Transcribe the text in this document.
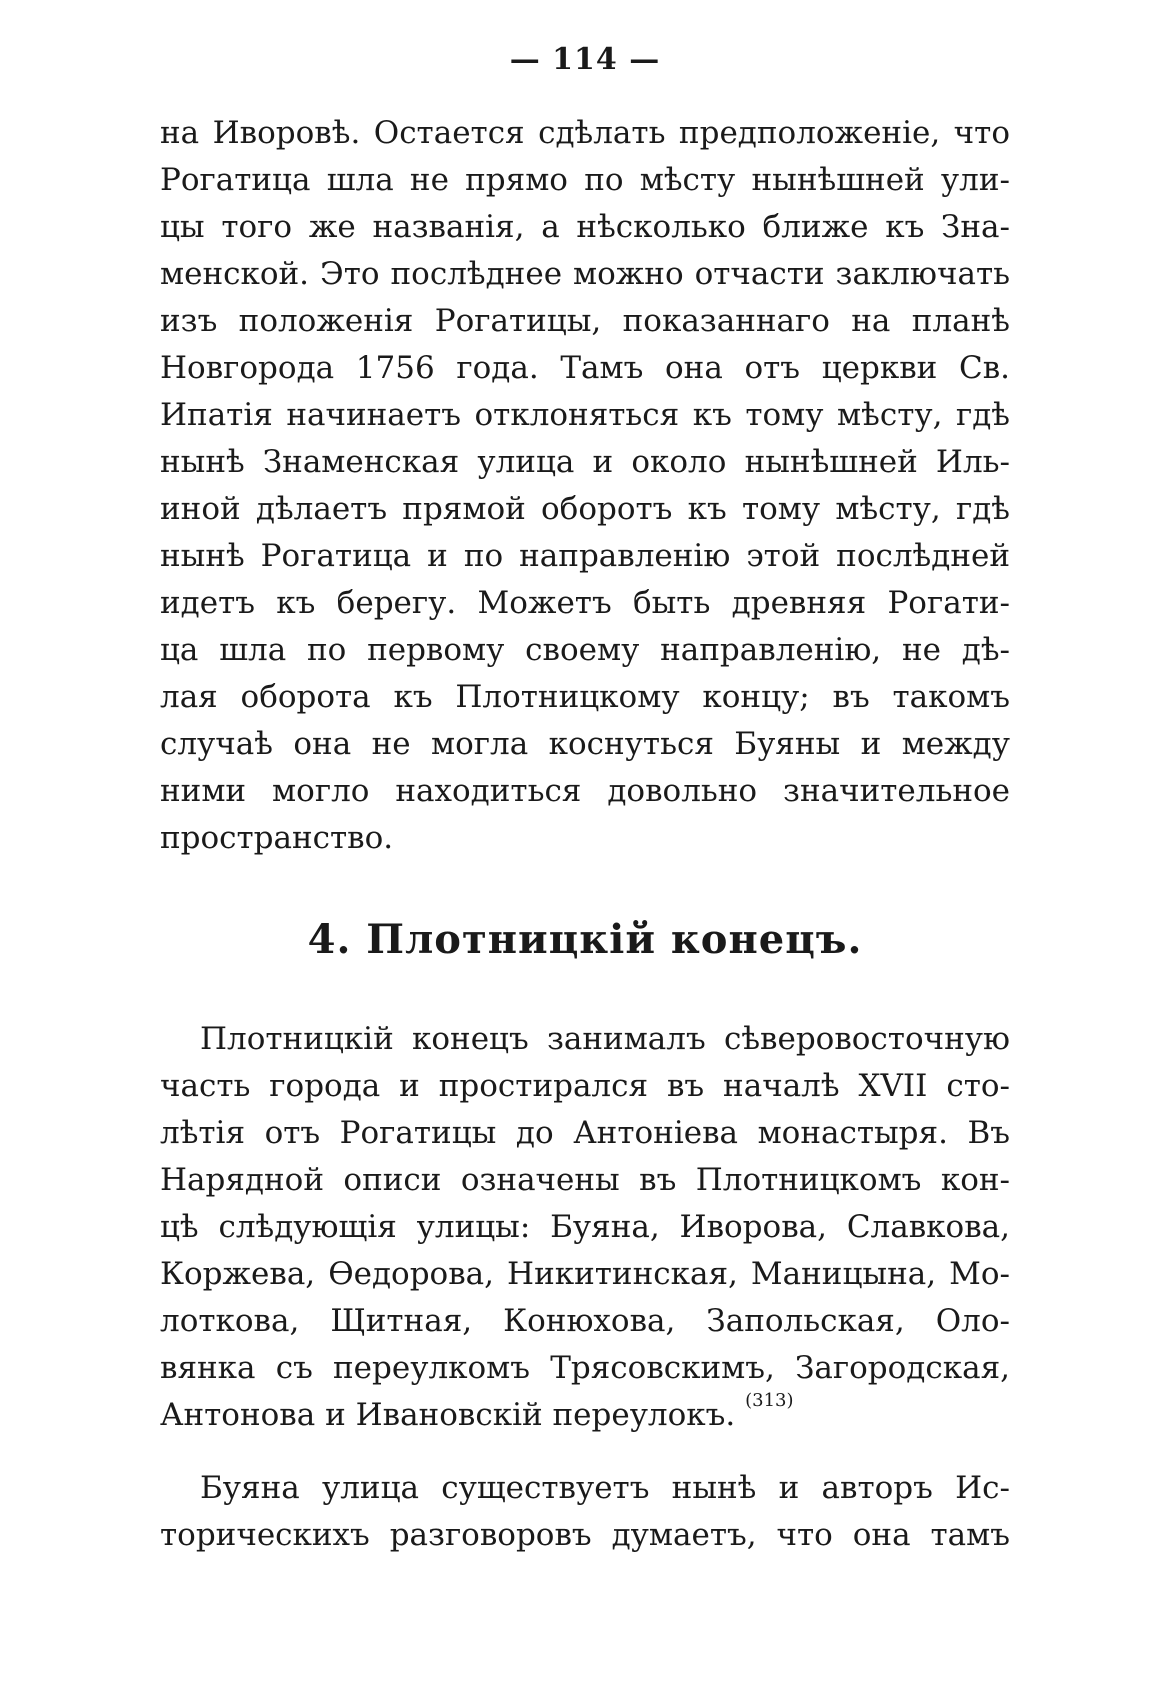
— 114 —
на Иворовѣ. Остается сдѣлать предположеніе, что
Рогатица шла не прямо по мѣсту нынѣшней ули-
цы того же названія, а нѣсколько ближе къ Зна-
менской. Это послѣднее можно отчасти заключать
изъ положенія Рогатицы, показаннаго на планѣ
Новгорода 1756 года. Тамъ она отъ церкви Св.
Ипатія начинаетъ отклоняться къ тому мѣсту, гдѣ
нынѣ Знаменская улица и около нынѣшней Иль-
иной дѣлаетъ прямой оборотъ къ тому мѣсту, гдѣ
нынѣ Рогатица и по направленію этой послѣдней
идетъ къ берегу. Можетъ быть древняя Рогати-
ца шла по первому своему направленію, не дѣ-
лая оборота къ Плотницкому концу; въ такомъ
случаѣ она не могла коснуться Буяны и между
ними могло находиться довольно значительное
пространство.
4. Плотницкій конецъ.
Плотницкій конецъ занималъ сѣверовосточную
часть города и простирался въ началѣ XVII сто-
лѣтія отъ Рогатицы до Антоніева монастыря. Въ
Нарядной описи означены въ Плотницкомъ кон-
цѣ слѣдующія улицы: Буяна, Иворова, Славкова,
Коржева, Ѳедорова, Никитинская, Маницына, Мо-
лоткова, Щитная, Конюхова, Запольская, Оло-
вянка съ переулкомъ Трясовскимъ, Загородская,
Антонова и Ивановскій переулокъ. $^{(313)}$
Буяна улица существуетъ нынѣ и авторъ Ис-
торическихъ разговоровъ думаетъ, что она тамъ
